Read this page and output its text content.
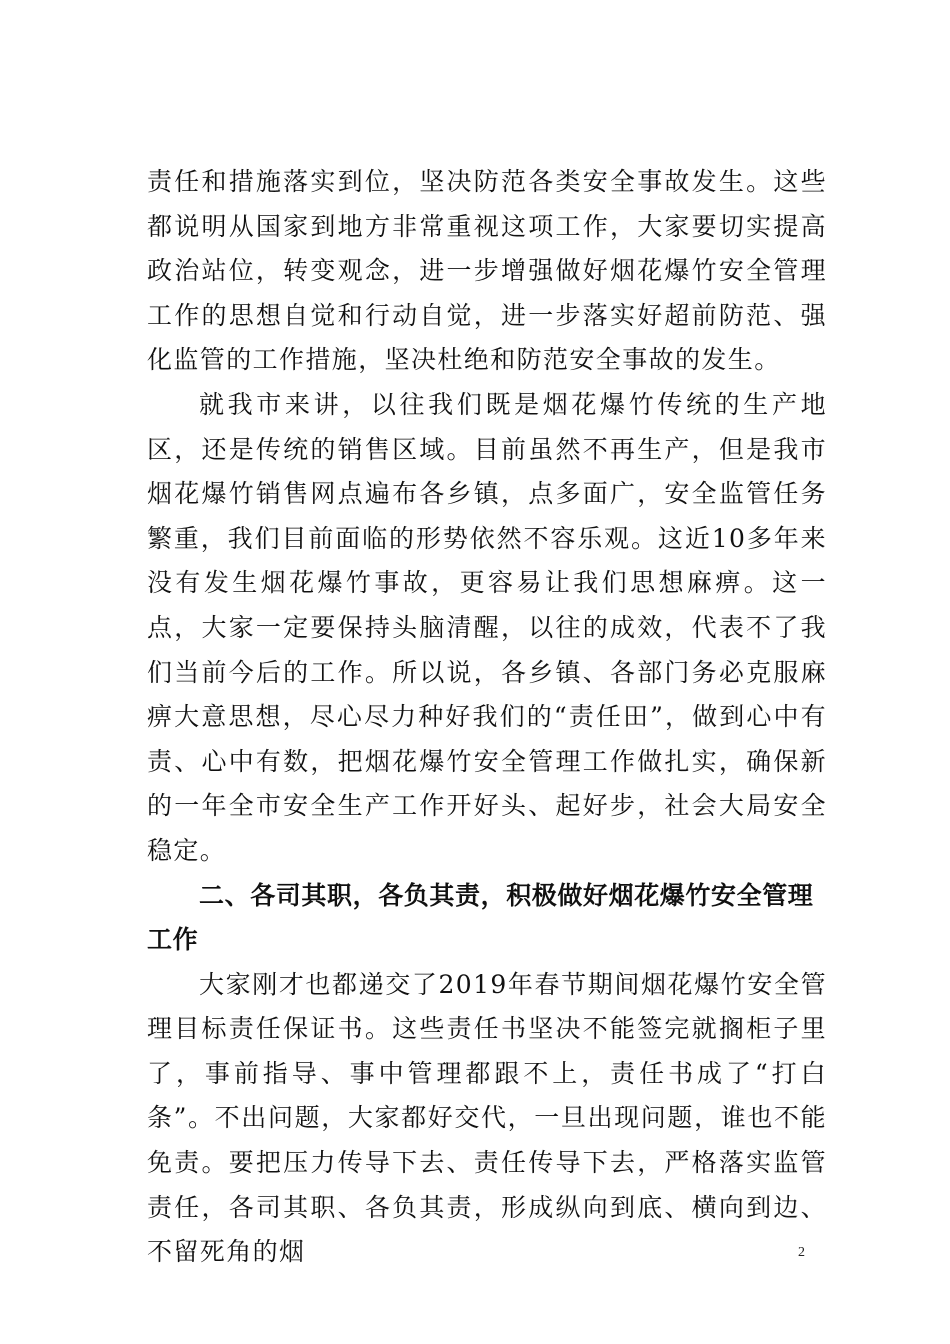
责任和措施落实到位，坚决防范各类安全事故发生。这些都说明从国家到地方非常重视这项工作，大家要切实提高政治站位，转变观念，进一步增强做好烟花爆竹安全管理工作的思想自觉和行动自觉，进一步落实好超前防范、强化监管的工作措施，坚决杜绝和防范安全事故的发生。

就我市来讲，以往我们既是烟花爆竹传统的生产地区，还是传统的销售区域。目前虽然不再生产，但是我市烟花爆竹销售网点遍布各乡镇，点多面广，安全监管任务繁重，我们目前面临的形势依然不容乐观。这近10多年来没有发生烟花爆竹事故，更容易让我们思想麻痹。这一点，大家一定要保持头脑清醒，以往的成效，代表不了我们当前今后的工作。所以说，各乡镇、各部门务必克服麻痹大意思想，尽心尽力种好我们的“责任田”，做到心中有责、心中有数，把烟花爆竹安全管理工作做扎实，确保新的一年全市安全生产工作开好头、起好步，社会大局安全稳定。

二、各司其职，各负其责，积极做好烟花爆竹安全管理工作

大家刚才也都递交了2019年春节期间烟花爆竹安全管理目标责任保证书。这些责任书坚决不能签完就搁柜子里了，事前指导、事中管理都跟不上，责任书成了“打白条”。不出问题，大家都好交代，一旦出现问题，谁也不能免责。要把压力传导下去、责任传导下去，严格落实监管责任，各司其职、各负其责，形成纵向到底、横向到边、不留死角的烟	2
